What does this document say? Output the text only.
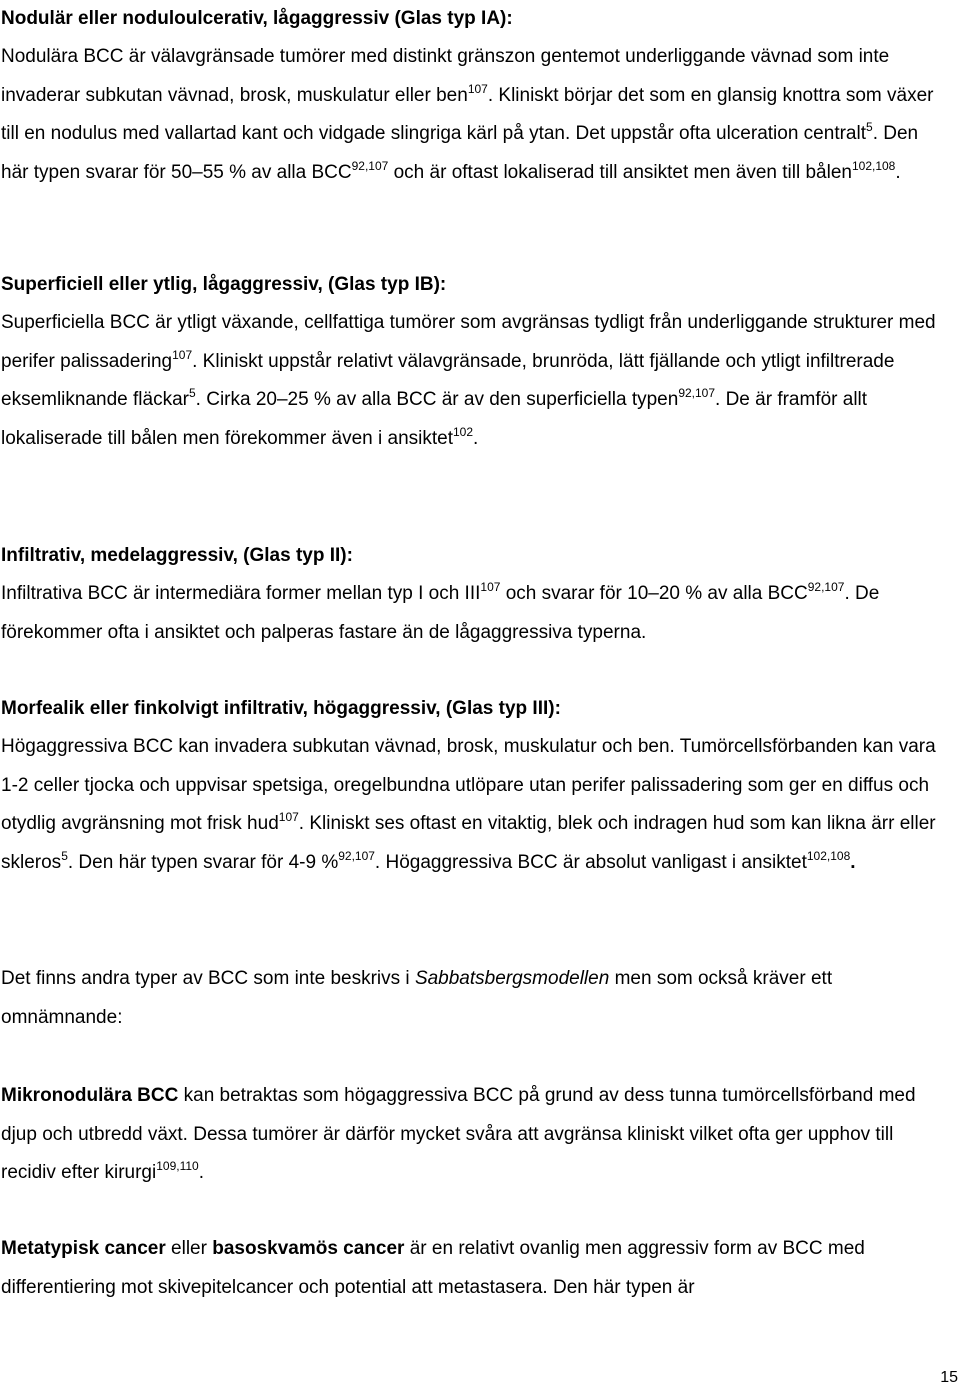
Nodulär eller noduloulcerativ, lågaggressiv (Glas typ IA):

Nodulära BCC är välavgränsade tumörer med distinkt gränszon gentemot underliggande vävnad som inte invaderar subkutan vävnad, brosk, muskulatur eller ben$^{107}$. Kliniskt börjar det som en glansig knottra som växer till en nodulus med vallartad kant och vidgade slingriga kärl på ytan. Det uppstår ofta ulceration centralt$^5$. Den här typen svarar för 50–55 % av alla BCC$^{92,107}$ och är oftast lokaliserad till ansiktet men även till bålen$^{102,108}$.

Superficiell eller ytlig, lågaggressiv, (Glas typ IB):

Superficiella BCC är ytligt växande, cellfattiga tumörer som avgränsas tydligt från underliggande strukturer med perifer palissadering$^{107}$. Kliniskt uppstår relativt välavgränsade, brunröda, lätt fjällande och ytligt infiltrerade eksemliknande fläckar$^5$. Cirka 20–25 % av alla BCC är av den superficiella typen$^{92,107}$. De är framför allt lokaliserade till bålen men förekommer även i ansiktet$^{102}$.

Infiltrativ, medelaggressiv, (Glas typ II):

Infiltrativa BCC är intermediära former mellan typ I och III$^{107}$ och svarar för 10–20 % av alla BCC$^{92,107}$. De förekommer ofta i ansiktet och palperas fastare än de lågaggressiva typerna.

Morfealik eller finkolvigt infiltrativ, högaggressiv, (Glas typ III):

Högaggressiva BCC kan invadera subkutan vävnad, brosk, muskulatur och ben. Tumörcellsförbanden kan vara 1-2 celler tjocka och uppvisar spetsiga, oregelbundna utlöpare utan perifer palissadering som ger en diffus och otydlig avgränsning mot frisk hud$^{107}$. Kliniskt ses oftast en vitaktig, blek och indragen hud som kan likna ärr eller skleros$^5$. Den här typen svarar för 4-9 %$^{92,107}$. Högaggressiva BCC är absolut vanligast i ansiktet$^{102,108}$.

Det finns andra typer av BCC som inte beskrivs i Sabbatsbergsmodellen men som också kräver ett omnämnande:

Mikronodulära BCC kan betraktas som högaggressiva BCC på grund av dess tunna tumörcellsförband med djup och utbredd växt. Dessa tumörer är därför mycket svåra att avgränsa kliniskt vilket ofta ger upphov till recidiv efter kirurgi$^{109,110}$.

Metatypisk cancer eller basoskvamös cancer är en relativt ovanlig men aggressiv form av BCC med differentiering mot skivepitelcancer och potential att metastasera. Den här typen är

15
